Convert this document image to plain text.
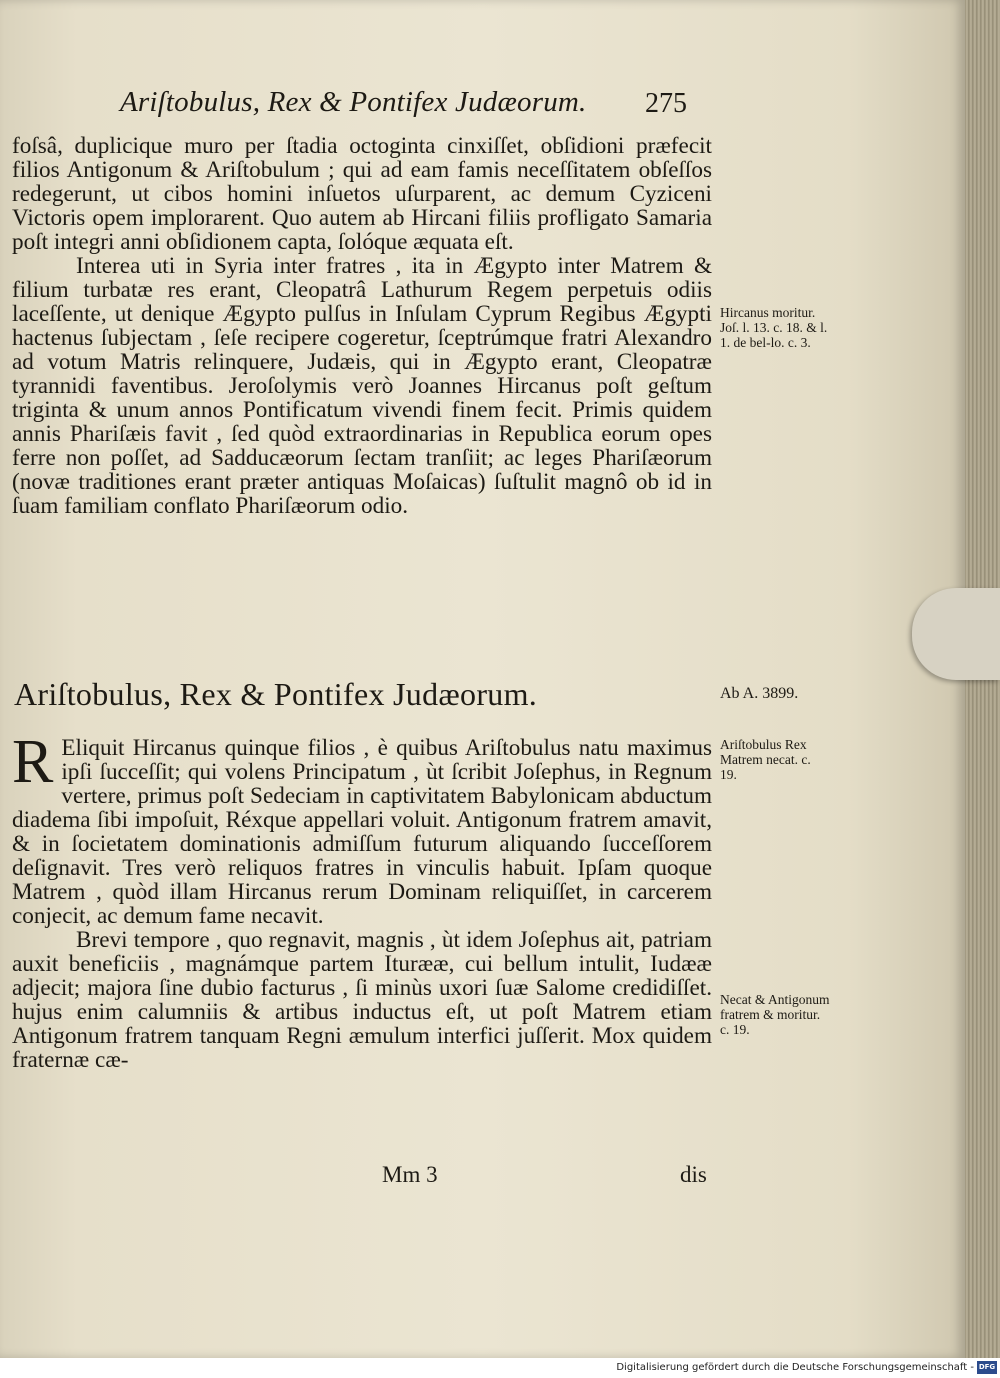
Ariſtobulus, Rex & Pontifex Judæorum. 275

foſsâ, duplicique muro per ſtadia octoginta cinxiſſet, obſidioni præfecit filios Antigonum & Ariſtobulum ; qui ad eam famis neceſſitatem obſeſſos redegerunt, ut cibos homini inſuetos uſurparent, ac demum Cyziceni Victoris opem implorarent. Quo autem ab Hircani filiis profligato Samaria poſt integri anni obſidionem capta, ſolóque æquata eſt.

Interea uti in Syria inter fratres , ita in Ægypto inter Matrem & filium turbatæ res erant, Cleopatrâ Lathurum Regem perpetuis odiis laceſſente, ut denique Ægypto pulſus in Inſulam Cyprum Regibus Ægypti hactenus ſubjectam , ſeſe recipere cogeretur, ſceptrúmque fratri Alexandro ad votum Matris relinquere, Judæis, qui in Ægypto erant, Cleopatræ tyrannidi faventibus. Jeroſolymis verò Joannes Hircanus poſt geſtum triginta & unum annos Pontificatum vivendi finem fecit. Primis quidem annis Phariſæis favit , ſed quòd extraordinarias in Republica eorum opes ferre non poſſet, ad Sadducæorum ſectam tranſiit; ac leges Phariſæorum (novæ traditiones erant præter antiquas Moſaicas) ſuſtulit magnô ob id in ſuam familiam conflato Phariſæorum odio.

Ariſtobulus, Rex & Pontifex Judæorum.

R Eliquit Hircanus quinque filios , è quibus Ariſtobulus natu maximus ipſi ſucceſſit; qui volens Principatum , ùt ſcribit Joſephus, in Regnum vertere, primus poſt Sedeciam in captivitatem Babylonicam abductum diadema ſibi impoſuit, Réxque appellari voluit. Antigonum fratrem amavit, & in ſocietatem dominationis admiſſum futurum aliquando ſucceſſorem deſignavit. Tres verò reliquos fratres in vinculis habuit. Ipſam quoque Matrem , quòd illam Hircanus rerum Dominam reliquiſſet, in carcerem conjecit, ac demum fame necavit.

Brevi tempore , quo regnavit, magnis , ùt idem Joſephus ait, patriam auxit beneficiis , magnámque partem Iturææ, cui bellum intulit, Iudææ adjecit; majora ſine dubio facturus , ſi minùs uxori ſuæ Salome credidiſſet. hujus enim calumniis & artibus inductus eſt, ut poſt Matrem etiam Antigonum fratrem tanquam Regni æmulum interfici juſſerit. Mox quidem fraternæ cæ-

Hircanus moritur. Joſ. l. 13. c. 18. & l. 1. de bel-lo. c. 3.
Ab A. 3899.
Ariſtobulus Rex Matrem necat. c. 19.
Necat & Antigonum fratrem & moritur. c. 19.
Mm 3	dis
Digitalisierung gefördert durch die Deutsche Forschungsgemeinschaft - DFG
